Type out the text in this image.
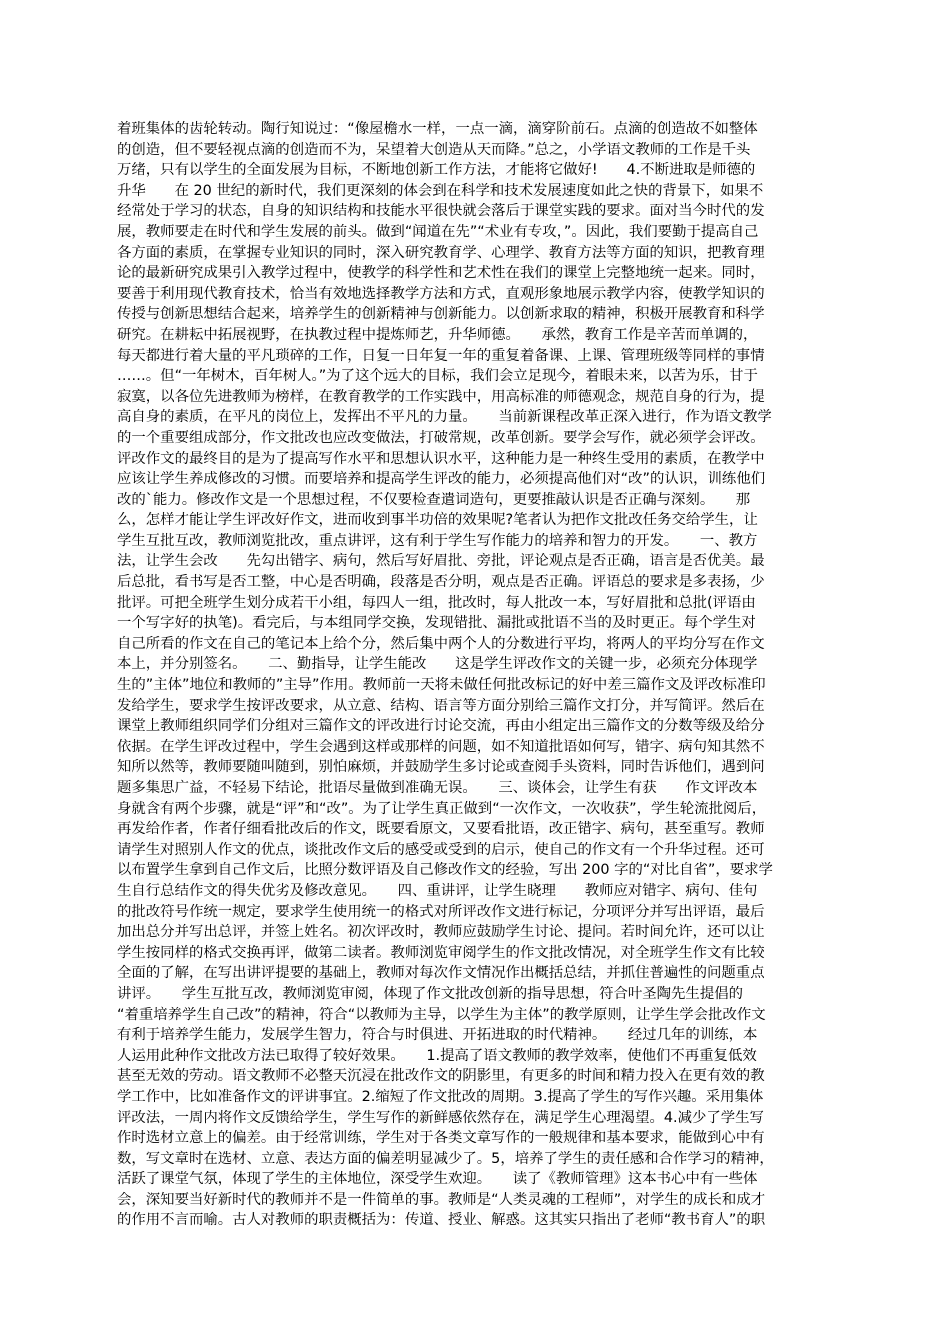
着班集体的齿轮转动。陶行知说过：“像屋檐水一样，一点一滴，滴穿阶前石。点滴的创造故不如整体
的创造，但不要轻视点滴的创造而不为，呆望着大创造从天而降。”总之，小学语文教师的工作是千头
万绪，只有以学生的全面发展为目标，不断地创新工作方法，才能将它做好!　　4.不断进取是师德的
升华　　在 20 世纪的新时代，我们更深刻的体会到在科学和技术发展速度如此之快的背景下，如果不
经常处于学习的状态，自身的知识结构和技能水平很快就会落后于课堂实践的要求。面对当今时代的发
展，教师要走在时代和学生发展的前头。做到“闻道在先”“术业有专攻，”。因此，我们要勤于提高自己
各方面的素质，在掌握专业知识的同时，深入研究教育学、心理学、教育方法等方面的知识，把教育理
论的最新研究成果引入教学过程中，使教学的科学性和艺术性在我们的课堂上完整地统一起来。同时，
要善于利用现代教育技术，恰当有效地选择教学方法和方式，直观形象地展示教学内容，使教学知识的
传授与创新思想结合起来，培养学生的创新精神与创新能力。以创新求取的精神，积极开展教育和科学
研究。在耕耘中拓展视野，在执教过程中提炼师艺，升华师德。　　承然，教育工作是辛苦而单调的，
每天都进行着大量的平凡琐碎的工作，日复一日年复一年的重复着备课、上课、管理班级等同样的事情
……。但“一年树木，百年树人。”为了这个远大的目标，我们会立足现今，着眼未来，以苦为乐，甘于
寂寞，以各位先进教师为榜样，在教育教学的工作实践中，用高标准的师德观念，规范自身的行为，提
高自身的素质，在平凡的岗位上，发挥出不平凡的力量。　　当前新课程改革正深入进行，作为语文教学
的一个重要组成部分，作文批改也应改变做法，打破常规，改革创新。要学会写作，就必须学会评改。
评改作文的最终目的是为了提高写作水平和思想认识水平，这种能力是一种终生受用的素质，在教学中
应该让学生养成修改的习惯。而要培养和提高学生评改的能力，必须提高他们对“改”的认识，训练他们
改的`能力。修改作文是一个思想过程，不仅要检查遣词造句，更要推敲认识是否正确与深刻。　　那
么，怎样才能让学生评改好作文，进而收到事半功倍的效果呢?笔者认为把作文批改任务交给学生，让
学生互批互改，教师浏览批改，重点讲评，这有利于学生写作能力的培养和智力的开发。　　一、教方
法，让学生会改　　先勾出错字、病句，然后写好眉批、旁批，评论观点是否正确，语言是否优美。最
后总批，看书写是否工整，中心是否明确，段落是否分明，观点是否正确。评语总的要求是多表扬，少
批评。可把全班学生划分成若干小组，每四人一组，批改时，每人批改一本，写好眉批和总批(评语由
一个写字好的执笔)。看完后，与本组同学交换，发现错批、漏批或批语不当的及时更正。每个学生对
自己所看的作文在自己的笔记本上给个分，然后集中两个人的分数进行平均，将两人的平均分写在作文
本上，并分别签名。　　二、勤指导，让学生能改　　这是学生评改作文的关键一步，必须充分体现学
生的”主体”地位和教师的”主导”作用。教师前一天将未做任何批改标记的好中差三篇作文及评改标准印
发给学生，要求学生按评改要求，从立意、结构、语言等方面分别给三篇作文打分，并写简评。然后在
课堂上教师组织同学们分组对三篇作文的评改进行讨论交流，再由小组定出三篇作文的分数等级及给分
依据。在学生评改过程中，学生会遇到这样或那样的问题，如不知道批语如何写，错字、病句知其然不
知所以然等，教师要随叫随到，别怕麻烦，并鼓励学生多讨论或查阅手头资料，同时告诉他们，遇到问
题多集思广益，不轻易下结论，批语尽量做到准确无误。　　三、谈体会，让学生有获　　作文评改本
身就含有两个步骤，就是“评”和“改”。为了让学生真正做到“一次作文，一次收获”，学生轮流批阅后，
再发给作者，作者仔细看批改后的作文，既要看原文，又要看批语，改正错字、病句，甚至重写。教师
请学生对照别人作文的优点，谈批改作文后的感受或受到的启示，使自己的作文有一个升华过程。还可
以布置学生拿到自己作文后，比照分数评语及自己修改作文的经验，写出 200 字的“对比自省”，要求学
生自行总结作文的得失优劣及修改意见。　　四、重讲评，让学生晓理　　教师应对错字、病句、佳句
的批改符号作统一规定，要求学生使用统一的格式对所评改作文进行标记，分项评分并写出评语，最后
加出总分并写出总评，并签上姓名。初次评改时，教师应鼓励学生讨论、提问。若时间允许，还可以让
学生按同样的格式交换再评，做第二读者。教师浏览审阅学生的作文批改情况，对全班学生作文有比较
全面的了解，在写出讲评提要的基础上，教师对每次作文情况作出概括总结，并抓住普遍性的问题重点
讲评。　　学生互批互改，教师浏览审阅，体现了作文批改创新的指导思想，符合叶圣陶先生提倡的
“着重培养学生自己改”的精神，符合“以教师为主导，以学生为主体”的教学原则，让学生学会批改作文
有利于培养学生能力，发展学生智力，符合与时俱进、开拓进取的时代精神。　　经过几年的训练，本
人运用此种作文批改方法已取得了较好效果。　　1.提高了语文教师的教学效率，使他们不再重复低效
甚至无效的劳动。语文教师不必整天沉浸在批改作文的阴影里，有更多的时间和精力投入在更有效的教
学工作中，比如准备作文的评讲事宜。2.缩短了作文批改的周期。3.提高了学生的写作兴趣。采用集体
评改法，一周内将作文反馈给学生，学生写作的新鲜感依然存在，满足学生心理渴望。4.减少了学生写
作时选材立意上的偏差。由于经常训练，学生对于各类文章写作的一般规律和基本要求，能做到心中有
数，写文章时在选材、立意、表达方面的偏差明显减少了。5，培养了学生的责任感和合作学习的精神，
活跃了课堂气氛，体现了学生的主体地位，深受学生欢迎。　　读了《教师管理》这本书心中有一些体
会，深知要当好新时代的教师并不是一件简单的事。教师是“人类灵魂的工程师”，对学生的成长和成才
的作用不言而喻。古人对教师的职责概括为：传道、授业、解惑。这其实只指出了老师“教书育人”的职
